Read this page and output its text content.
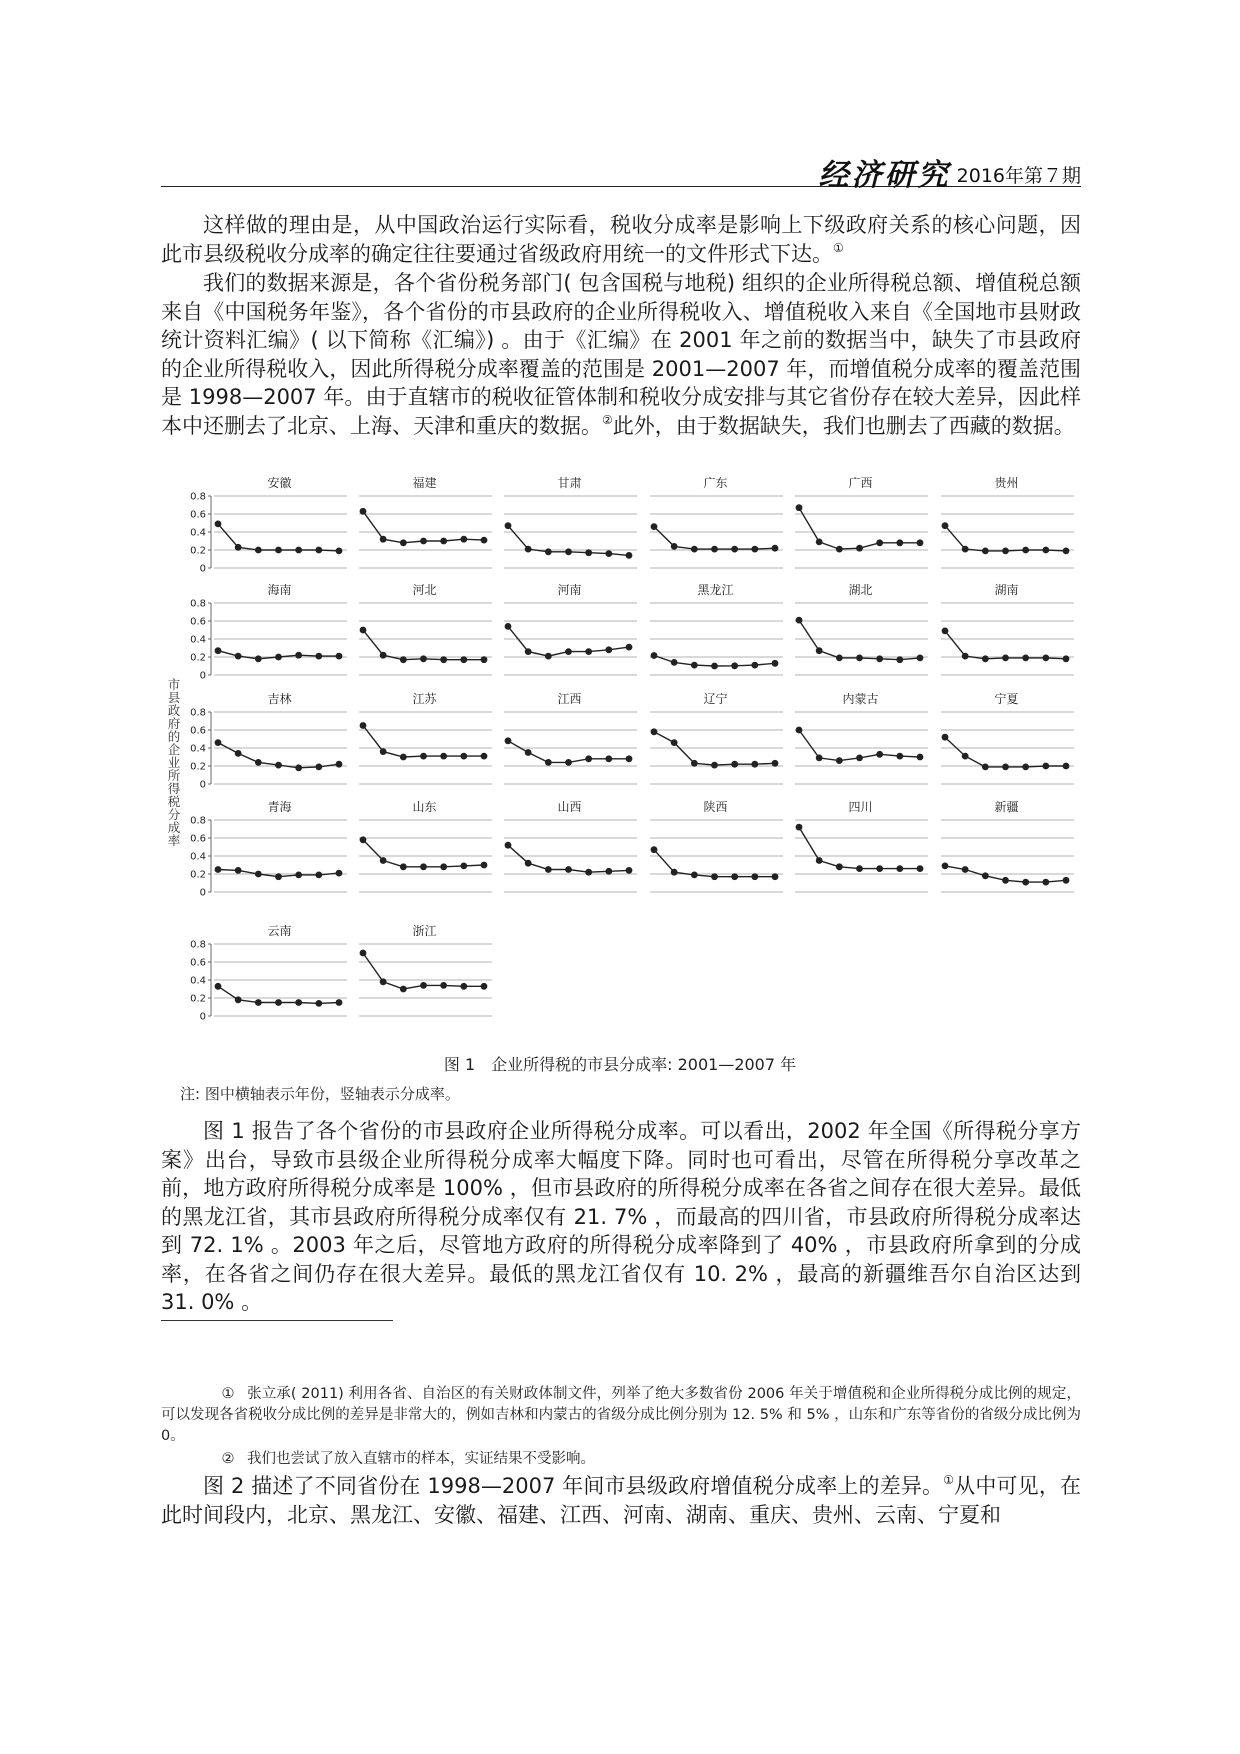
经济研究 2016年第７期

这样做的理由是，从中国政治运行实际看，税收分成率是影响上下级政府关系的核心问题，因此市县级税收分成率的确定往往要通过省级政府用统一的文件形式下达。①

我们的数据来源是，各个省份税务部门( 包含国税与地税) 组织的企业所得税总额、增值税总额来自《中国税务年鉴》，各个省份的市县政府的企业所得税收入、增值税收入来自《全国地市县财政统计资料汇编》( 以下简称《汇编》) 。由于《汇编》在 2001 年之前的数据当中，缺失了市县政府的企业所得税收入，因此所得税分成率覆盖的范围是 2001—2007 年，而增值税分成率的覆盖范围是 1998—2007 年。由于直辖市的税收征管体制和税收分成安排与其它省份存在较大差异，因此样本中还删去了北京、上海、天津和重庆的数据。②此外，由于数据缺失，我们也删去了西藏的数据。

市县政府的企业所得税分成率
安徽
0
0.2
0.4
0.6
0.8
福建	甘肃	广东	广西	贵州
海南
0
0.2
0.4
0.6
0.8
河北	河南	黑龙江	湖北	湖南
吉林
0
0.2
0.4
0.6
0.8
江苏	江西	辽宁	内蒙古	宁夏
青海
0
0.2
0.4
0.6
0.8
山东	山西	陕西	四川	新疆
云南
0
0.2
0.4
0.6
0.8
浙江
图 1　企业所得税的市县分成率: 2001—2007 年
注: 图中横轴表示年份，竖轴表示分成率。

图 1 报告了各个省份的市县政府企业所得税分成率。可以看出，2002 年全国《所得税分享方案》出台，导致市县级企业所得税分成率大幅度下降。同时也可看出，尽管在所得税分享改革之前，地方政府所得税分成率是 100% ，但市县政府的所得税分成率在各省之间存在很大差异。最低的黑龙江省，其市县政府所得税分成率仅有 21. 7% ，而最高的四川省，市县政府所得税分成率达到 72. 1% 。2003 年之后，尽管地方政府的所得税分成率降到了 40% ，市县政府所拿到的分成率，在各省之间仍存在很大差异。最低的黑龙江省仅有 10. 2% ，最高的新疆维吾尔自治区达到 31. 0% 。

① 张立承( 2011) 利用各省、自治区的有关财政体制文件，列举了绝大多数省份 2006 年关于增值税和企业所得税分成比例的规定，可以发现各省税收分成比例的差异是非常大的，例如吉林和内蒙古的省级分成比例分别为 12. 5% 和 5% ，山东和广东等省份的省级分成比例为 0。

② 我们也尝试了放入直辖市的样本，实证结果不受影响。

图 2 描述了不同省份在 1998—2007 年间市县级政府增值税分成率上的差异。①从中可见，在此时间段内，北京、黑龙江、安徽、福建、江西、河南、湖南、重庆、贵州、云南、宁夏和
